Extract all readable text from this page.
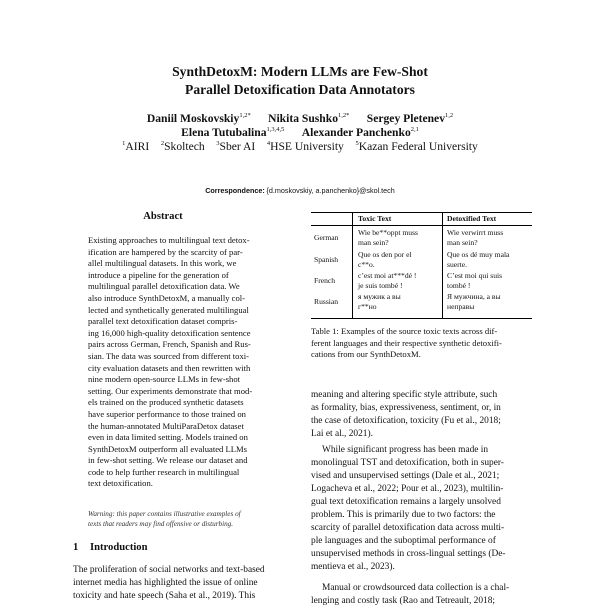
SynthDetoxM: Modern LLMs are Few-Shot
Parallel Detoxification Data Annotators
Daniil Moskovskiy$^{1,2*}$ Nikita Sushko$^{1,2*}$ Sergey Pletenev$^{1,2}$
Elena Tutubalina$^{1,3,4,5}$ Alexander Panchenko$^{2,1}$
$^1$AIRI $^2$Skoltech $^3$Sber AI $^4$HSE University $^5$Kazan Federal University
Correspondence: {d.moskovskiy, a.panchenko}@skol.tech
Abstract
Existing approaches to multilingual text detox-
ification are hampered by the scarcity of par-
allel multilingual datasets. In this work, we
introduce a pipeline for the generation of
multilingual parallel detoxification data. We
also introduce SynthDetoxM, a manually col-
lected and synthetically generated multilingual
parallel text detoxification dataset compris-
ing 16,000 high-quality detoxification sentence
pairs across German, French, Spanish and Rus-
sian. The data was sourced from different toxi-
city evaluation datasets and then rewritten with
nine modern open-source LLMs in few-shot
setting. Our experiments demonstrate that mod-
els trained on the produced synthetic datasets
have superior performance to those trained on
the human-annotated MultiParaDetox dataset
even in data limited setting. Models trained on
SynthDetoxM outperform all evaluated LLMs
in few-shot setting. We release our dataset and
code to help further research in multilingual
text detoxification.
Warning: this paper contains illustrative examples of
texts that readers may find offensive or disturbing.
1 Introduction
The proliferation of social networks and text-based
internet media has highlighted the issue of online
toxicity and hate speech (Saha et al., 2019). This
Toxic Text	Detoxified Text
German
Wie be**oppt muss
man sein?
Wie verwirrt muss
man sein?
Spanish
Que os den por el
c**o.
Que os dé muy mala
suerte.
French
c’est moi at***dé !
je suis tombé !
C’est moi qui suis
tombé !
Russian
я мужик а вы
г**но
Я мужчина, а вы
неправы
Table 1: Examples of the source toxic texts across dif-
ferent languages and their respective synthetic detoxifi-
cations from our SynthDetoxM.
meaning and altering specific style attribute, such
as formality, bias, expressiveness, sentiment, or, in
the case of detoxification, toxicity (Fu et al., 2018;
Lai et al., 2021).
While significant progress has been made in
monolingual TST and detoxification, both in super-
vised and unsupervised settings (Dale et al., 2021;
Logacheva et al., 2022; Pour et al., 2023), multilin-
gual text detoxification remains a largely unsolved
problem. This is primarily due to two factors: the
scarcity of parallel detoxification data across multi-
ple languages and the suboptimal performance of
unsupervised methods in cross-lingual settings (De-
mentieva et al., 2023).
Manual or crowdsourced data collection is a chal-
lenging and costly task (Rao and Tetreault, 2018;
